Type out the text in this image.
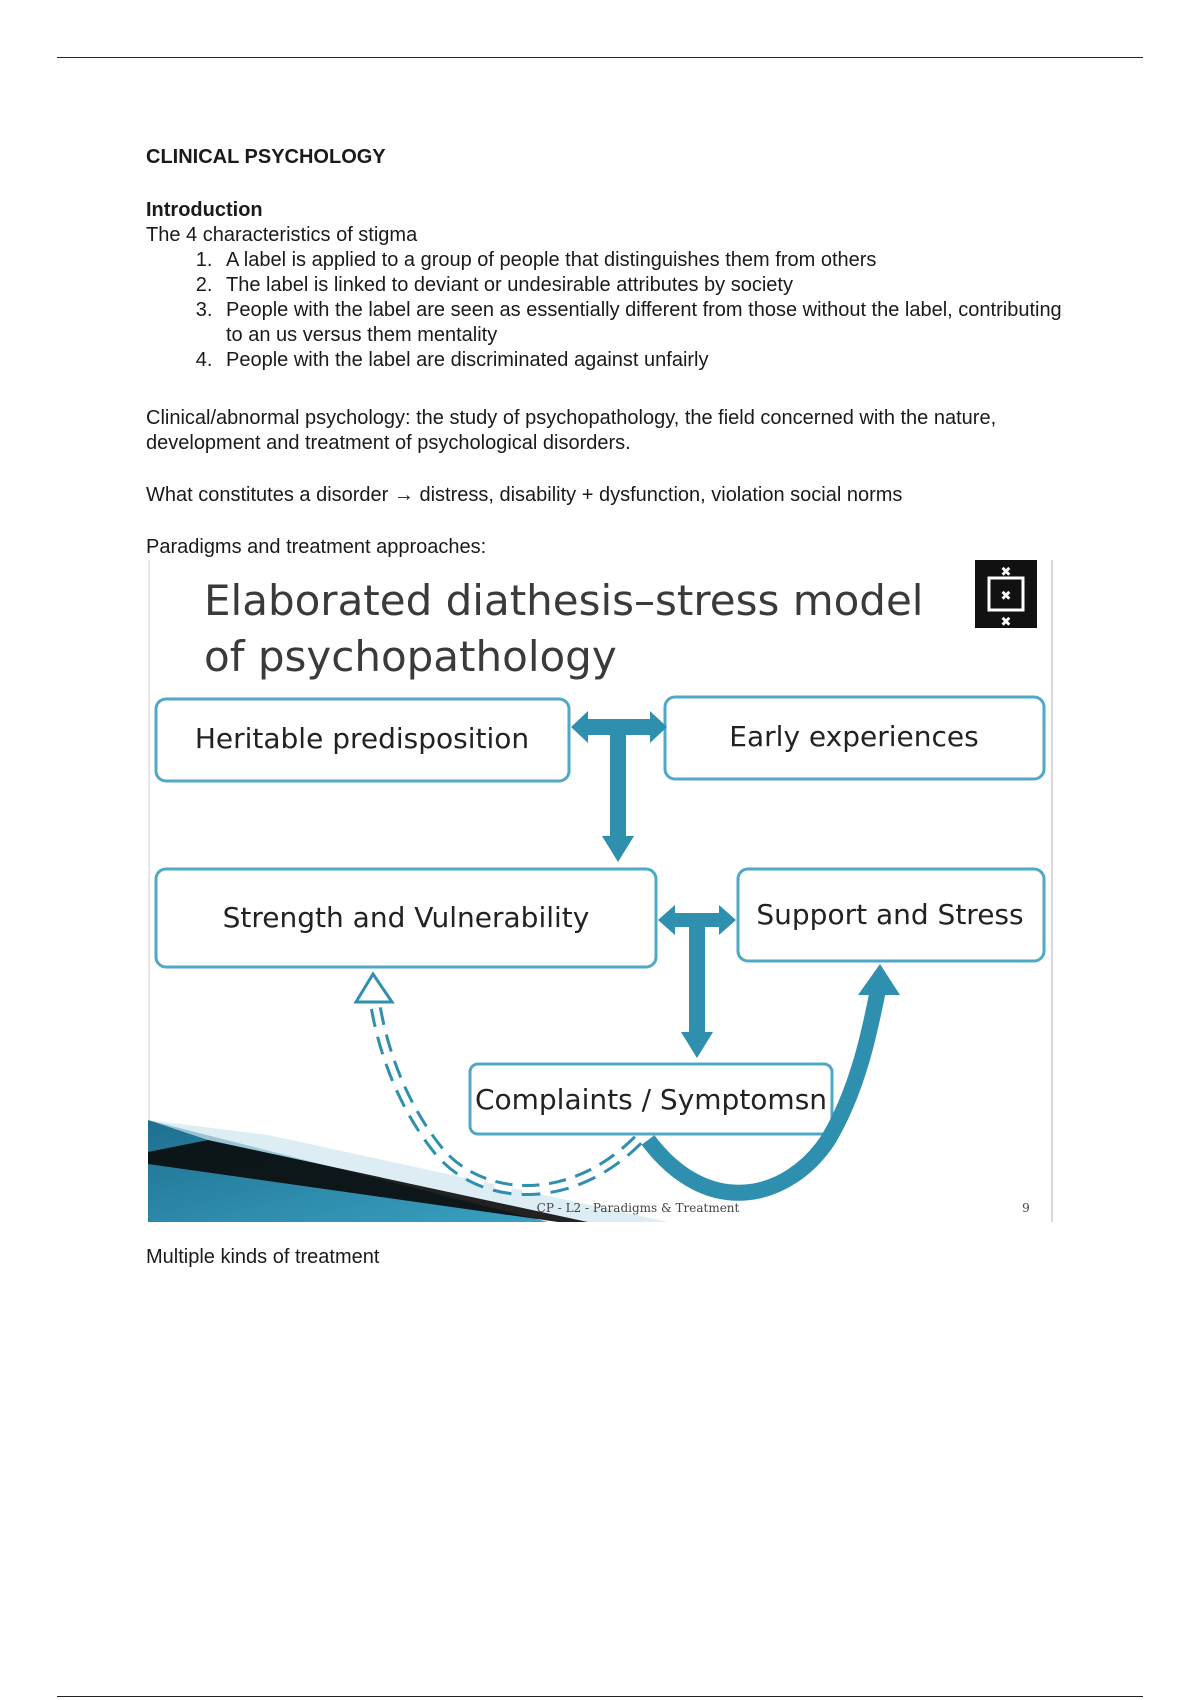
CLINICAL PSYCHOLOGY
Introduction
The 4 characteristics of stigma
1. A label is applied to a group of people that distinguishes them from others
2. The label is linked to deviant or undesirable attributes by society
3. People with the label are seen as essentially different from those without the label, contributing to an us versus them mentality
4. People with the label are discriminated against unfairly
Clinical/abnormal psychology: the study of psychopathology, the field concerned with the nature, development and treatment of psychological disorders.
What constitutes a disorder → distress, disability + dysfunction, violation social norms
Paradigms and treatment approaches:
✖
✖
✖
Elaborated diathesis–stress model
of psychopathology
Heritable predisposition	Early experiences
Strength and Vulnerability	Support and Stress
Complaints / Symptomsn
CP - L2 - Paradigms & Treatment	9
Multiple kinds of treatment
